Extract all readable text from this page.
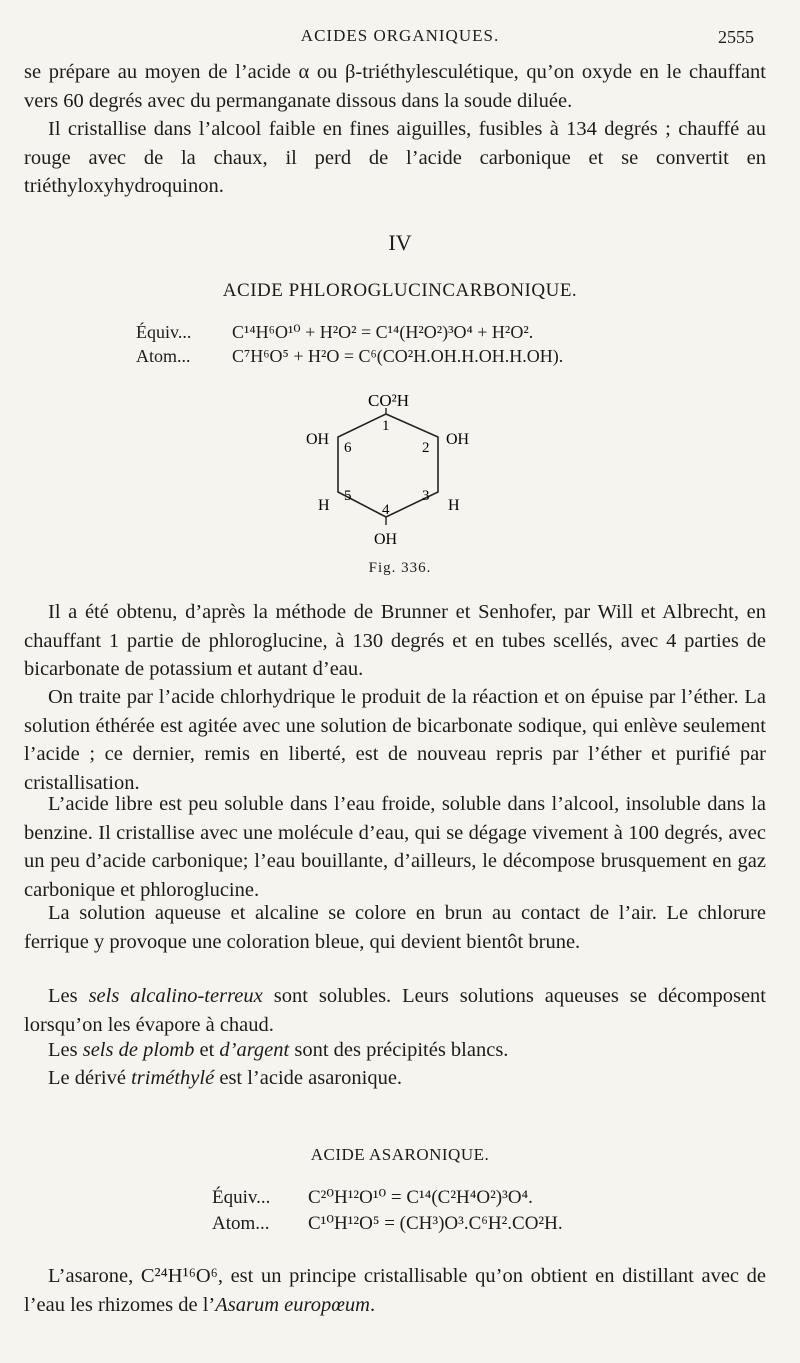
ACIDES ORGANIQUES.	2555

se prépare au moyen de l’acide α ou β-triéthylesculétique, qu’on oxyde en le chauffant vers 60 degrés avec du permanganate dissous dans la soude diluée.

Il cristallise dans l’alcool faible en fines aiguilles, fusibles à 134 degrés ; chauffé au rouge avec de la chaux, il perd de l’acide carbonique et se convertit en triéthyloxyhydroquinon.

IV

ACIDE PHLOROGLUCINCARBONIQUE.

Équiv... C¹⁴H⁶O¹⁰ + H²O² = C¹⁴(H²O²)³O⁴ + H²O².
Atom... C⁷H⁶O⁵ + H²O = C⁶(CO²H.OH.H.OH.H.OH).
CO²H
OH	OH
H	H
OH
1
2
3
4
5
6

Fig. 336.

Il a été obtenu, d’après la méthode de Brunner et Senhofer, par Will et Albrecht, en chauffant 1 partie de phloroglucine, à 130 degrés et en tubes scellés, avec 4 parties de bicarbonate de potassium et autant d’eau.

On traite par l’acide chlorhydrique le produit de la réaction et on épuise par l’éther. La solution éthérée est agitée avec une solution de bicarbonate sodique, qui enlève seulement l’acide ; ce dernier, remis en liberté, est de nouveau repris par l’éther et purifié par cristallisation.

L’acide libre est peu soluble dans l’eau froide, soluble dans l’alcool, insoluble dans la benzine. Il cristallise avec une molécule d’eau, qui se dégage vivement à 100 degrés, avec un peu d’acide carbonique; l’eau bouillante, d’ailleurs, le décompose brusquement en gaz carbonique et phloroglucine.

La solution aqueuse et alcaline se colore en brun au contact de l’air. Le chlorure ferrique y provoque une coloration bleue, qui devient bientôt brune.

Les sels alcalino-terreux sont solubles. Leurs solutions aqueuses se décomposent lorsqu’on les évapore à chaud.

Les sels de plomb et d’argent sont des précipités blancs.

Le dérivé triméthylé est l’acide asaronique.

ACIDE ASARONIQUE.

Équiv... C²⁰H¹²O¹⁰ = C¹⁴(C²H⁴O²)³O⁴.
Atom... C¹⁰H¹²O⁵ = (CH³)O³.C⁶H².CO²H.

L’asarone, C²⁴H¹⁶O⁶, est un principe cristallisable qu’on obtient en distillant avec de l’eau les rhizomes de l’Asarum europœum.
